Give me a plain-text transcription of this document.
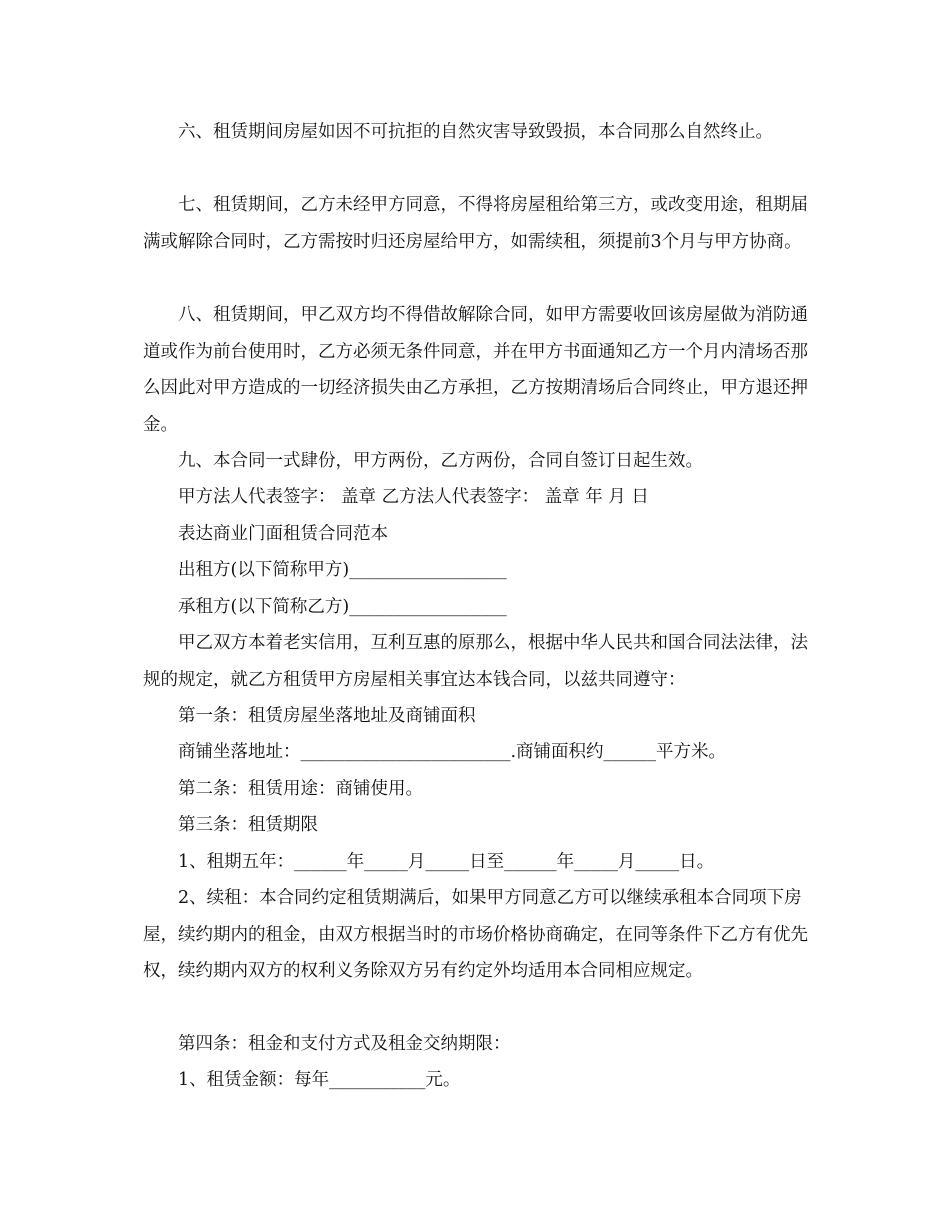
六、租赁期间房屋如因不可抗拒的自然灾害导致毁损，本合同那么自然终止。

七、租赁期间，乙方未经甲方同意，不得将房屋租给第三方，或改变用途，租期届满或解除合同时，乙方需按时归还房屋给甲方，如需续租，须提前3个月与甲方协商。

八、租赁期间，甲乙双方均不得借故解除合同，如甲方需要收回该房屋做为消防通道或作为前台使用时，乙方必须无条件同意，并在甲方书面通知乙方一个月内清场否那么因此对甲方造成的一切经济损失由乙方承担，乙方按期清场后合同终止，甲方退还押金。

九、本合同一式肆份，甲方两份，乙方两份，合同自签订日起生效。

甲方法人代表签字： 盖章 乙方法人代表签字： 盖章 年 月 日

表达商业门面租赁合同范本

出租方(以下简称甲方)__________________

承租方(以下简称乙方)__________________

甲乙双方本着老实信用，互利互惠的原那么，根据中华人民共和国合同法法律，法规的规定，就乙方租赁甲方房屋相关事宜达本钱合同，以兹共同遵守：

第一条：租赁房屋坐落地址及商铺面积

商铺坐落地址：________________________.商铺面积约______平方米。

第二条：租赁用途：商铺使用。

第三条：租赁期限

1、租期五年：______年_____月_____日至______年_____月_____日。

2、续租：本合同约定租赁期满后，如果甲方同意乙方可以继续承租本合同项下房屋，续约期内的租金，由双方根据当时的市场价格协商确定，在同等条件下乙方有优先权，续约期内双方的权利义务除双方另有约定外均适用本合同相应规定。

第四条：租金和支付方式及租金交纳期限：

1、租赁金额：每年___________元。
